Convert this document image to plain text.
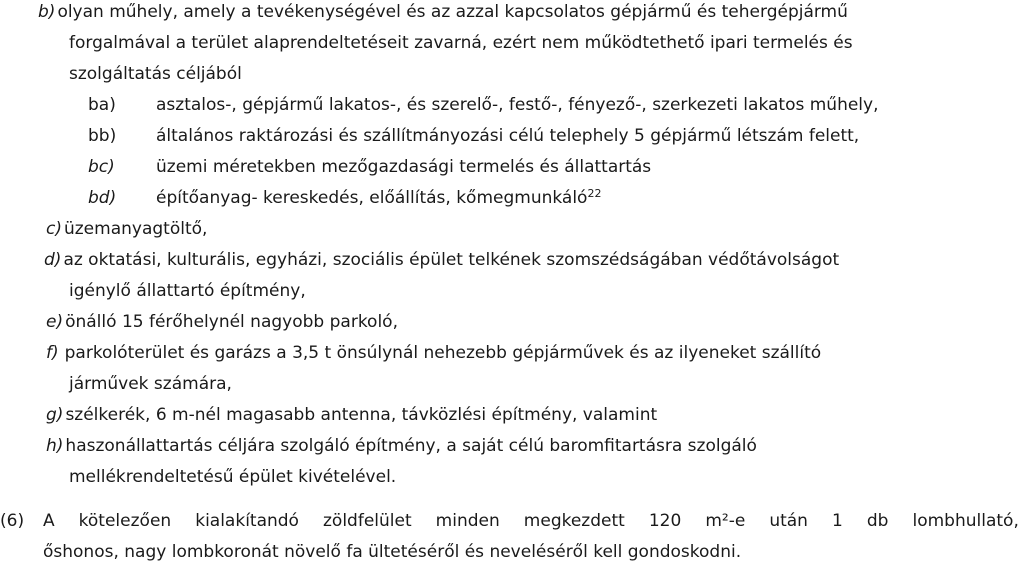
b) olyan műhely, amely a tevékenységével és az azzal kapcsolatos gépjármű és tehergépjármű
forgalmával a terület alaprendeltetéseit zavarná, ezért nem működtethető ipari termelés és
szolgáltatás céljából
ba) asztalos-, gépjármű lakatos-, és szerelő-, festő-, fényező-, szerkezeti lakatos műhely,
bb) általános raktározási és szállítmányozási célú telephely 5 gépjármű létszám felett,
bc) üzemi méretekben mezőgazdasági termelés és állattartás
bd) építőanyag- kereskedés, előállítás, kőmegmunkáló$^{22}$
c) üzemanyagtöltő,
d) az oktatási, kulturális, egyházi, szociális épület telkének szomszédságában védőtávolságot
igénylő állattartó építmény,
e) önálló 15 férőhelynél nagyobb parkoló,
f) parkolóterület és garázs a 3,5 t önsúlynál nehezebb gépjárművek és az ilyeneket szállító
járművek számára,
g) szélkerék, 6 m-nél magasabb antenna, távközlési építmény, valamint
h) haszonállattartás céljára szolgáló építmény, a saját célú baromfitartásra szolgáló
mellékrendeltetésű épület kivételével.
(6) A kötelezően kialakítandó zöldfelület minden megkezdett 120 m²-e után 1 db lombhullató,
őshonos, nagy lombkoronát növelő fa ültetéséről és neveléséről kell gondoskodni.
